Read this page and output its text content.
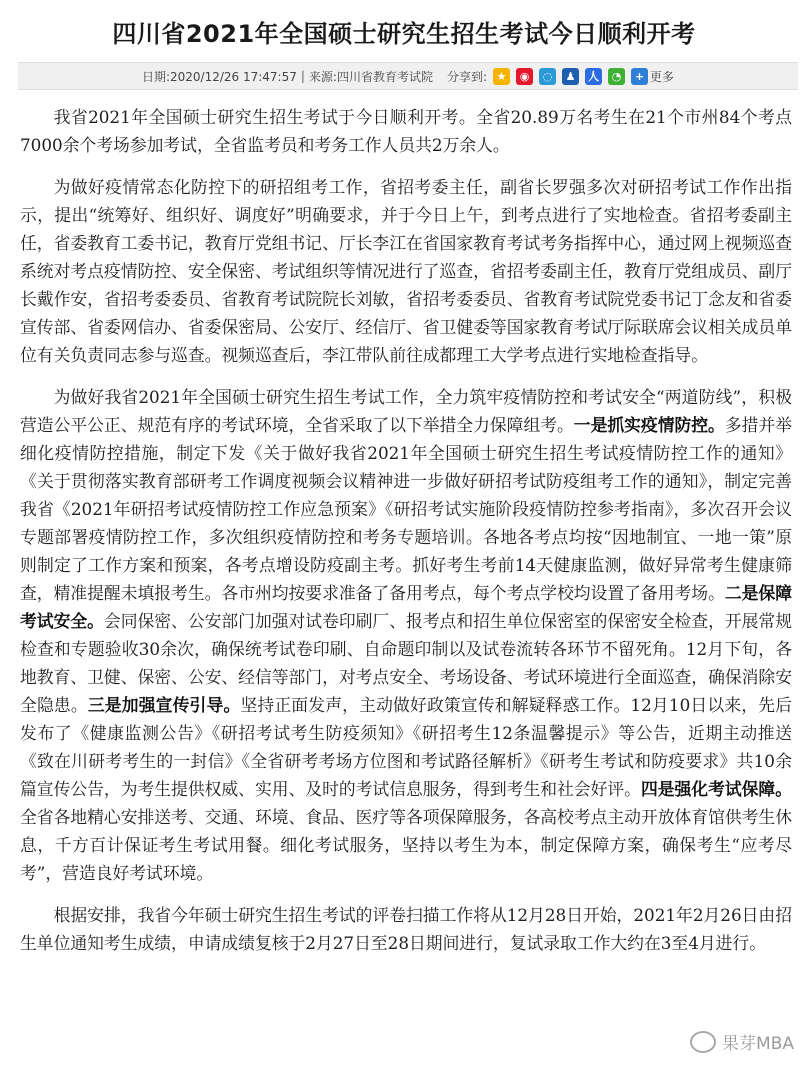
四川省2021年全国硕士研究生招生考试今日顺利开考
日期:2020/12/26 17:47:57 | 来源:四川省教育考试院 分享到: ★	◉	◌	♟	人	◔	+ 更多

我省2021年全国硕士研究生招生考试于今日顺利开考。全省20.89万名考生在21个市州84个考点7000余个考场参加考试，全省监考员和考务工作人员共2万余人。

为做好疫情常态化防控下的研招组考工作，省招考委主任，副省长罗强多次对研招考试工作作出指示，提出“统筹好、组织好、调度好”明确要求，并于今日上午，到考点进行了实地检查。省招考委副主任，省委教育工委书记，教育厅党组书记、厅长李江在省国家教育考试考务指挥中心，通过网上视频巡查系统对考点疫情防控、安全保密、考试组织等情况进行了巡查，省招考委副主任，教育厅党组成员、副厅长戴作安，省招考委委员、省教育考试院院长刘敏，省招考委委员、省教育考试院党委书记丁念友和省委宣传部、省委网信办、省委保密局、公安厅、经信厅、省卫健委等国家教育考试厅际联席会议相关成员单位有关负责同志参与巡查。视频巡查后，李江带队前往成都理工大学考点进行实地检查指导。

为做好我省2021年全国硕士研究生招生考试工作，全力筑牢疫情防控和考试安全“两道防线”，积极营造公平公正、规范有序的考试环境，全省采取了以下举措全力保障组考。一是抓实疫情防控。多措并举细化疫情防控措施，制定下发《关于做好我省2021年全国硕士研究生招生考试疫情防控工作的通知》《关于贯彻落实教育部研考工作调度视频会议精神进一步做好研招考试防疫组考工作的通知》，制定完善我省《2021年研招考试疫情防控工作应急预案》《研招考试实施阶段疫情防控参考指南》，多次召开会议专题部署疫情防控工作，多次组织疫情防控和考务专题培训。各地各考点均按“因地制宜、一地一策”原则制定了工作方案和预案，各考点增设防疫副主考。抓好考生考前14天健康监测，做好异常考生健康筛查，精准提醒未填报考生。各市州均按要求准备了备用考点，每个考点学校均设置了备用考场。二是保障考试安全。会同保密、公安部门加强对试卷印刷厂、报考点和招生单位保密室的保密安全检查，开展常规检查和专题验收30余次，确保统考试卷印刷、自命题印制以及试卷流转各环节不留死角。12月下旬，各地教育、卫健、保密、公安、经信等部门，对考点安全、考场设备、考试环境进行全面巡查，确保消除安全隐患。三是加强宣传引导。坚持正面发声，主动做好政策宣传和解疑释惑工作。12月10日以来，先后发布了《健康监测公告》《研招考试考生防疫须知》《研招考生12条温馨提示》等公告，近期主动推送《致在川研考考生的一封信》《全省研考考场方位图和考试路径解析》《研考生考试和防疫要求》共10余篇宣传公告，为考生提供权威、实用、及时的考试信息服务，得到考生和社会好评。四是强化考试保障。全省各地精心安排送考、交通、环境、食品、医疗等各项保障服务，各高校考点主动开放体育馆供考生休息，千方百计保证考生考试用餐。细化考试服务，坚持以考生为本，制定保障方案，确保考生“应考尽考”，营造良好考试环境。

根据安排，我省今年硕士研究生招生考试的评卷扫描工作将从12月28日开始，2021年2月26日由招生单位通知考生成绩，申请成绩复核于2月27日至28日期间进行，复试录取工作大约在3至4月进行。

果芽MBA
